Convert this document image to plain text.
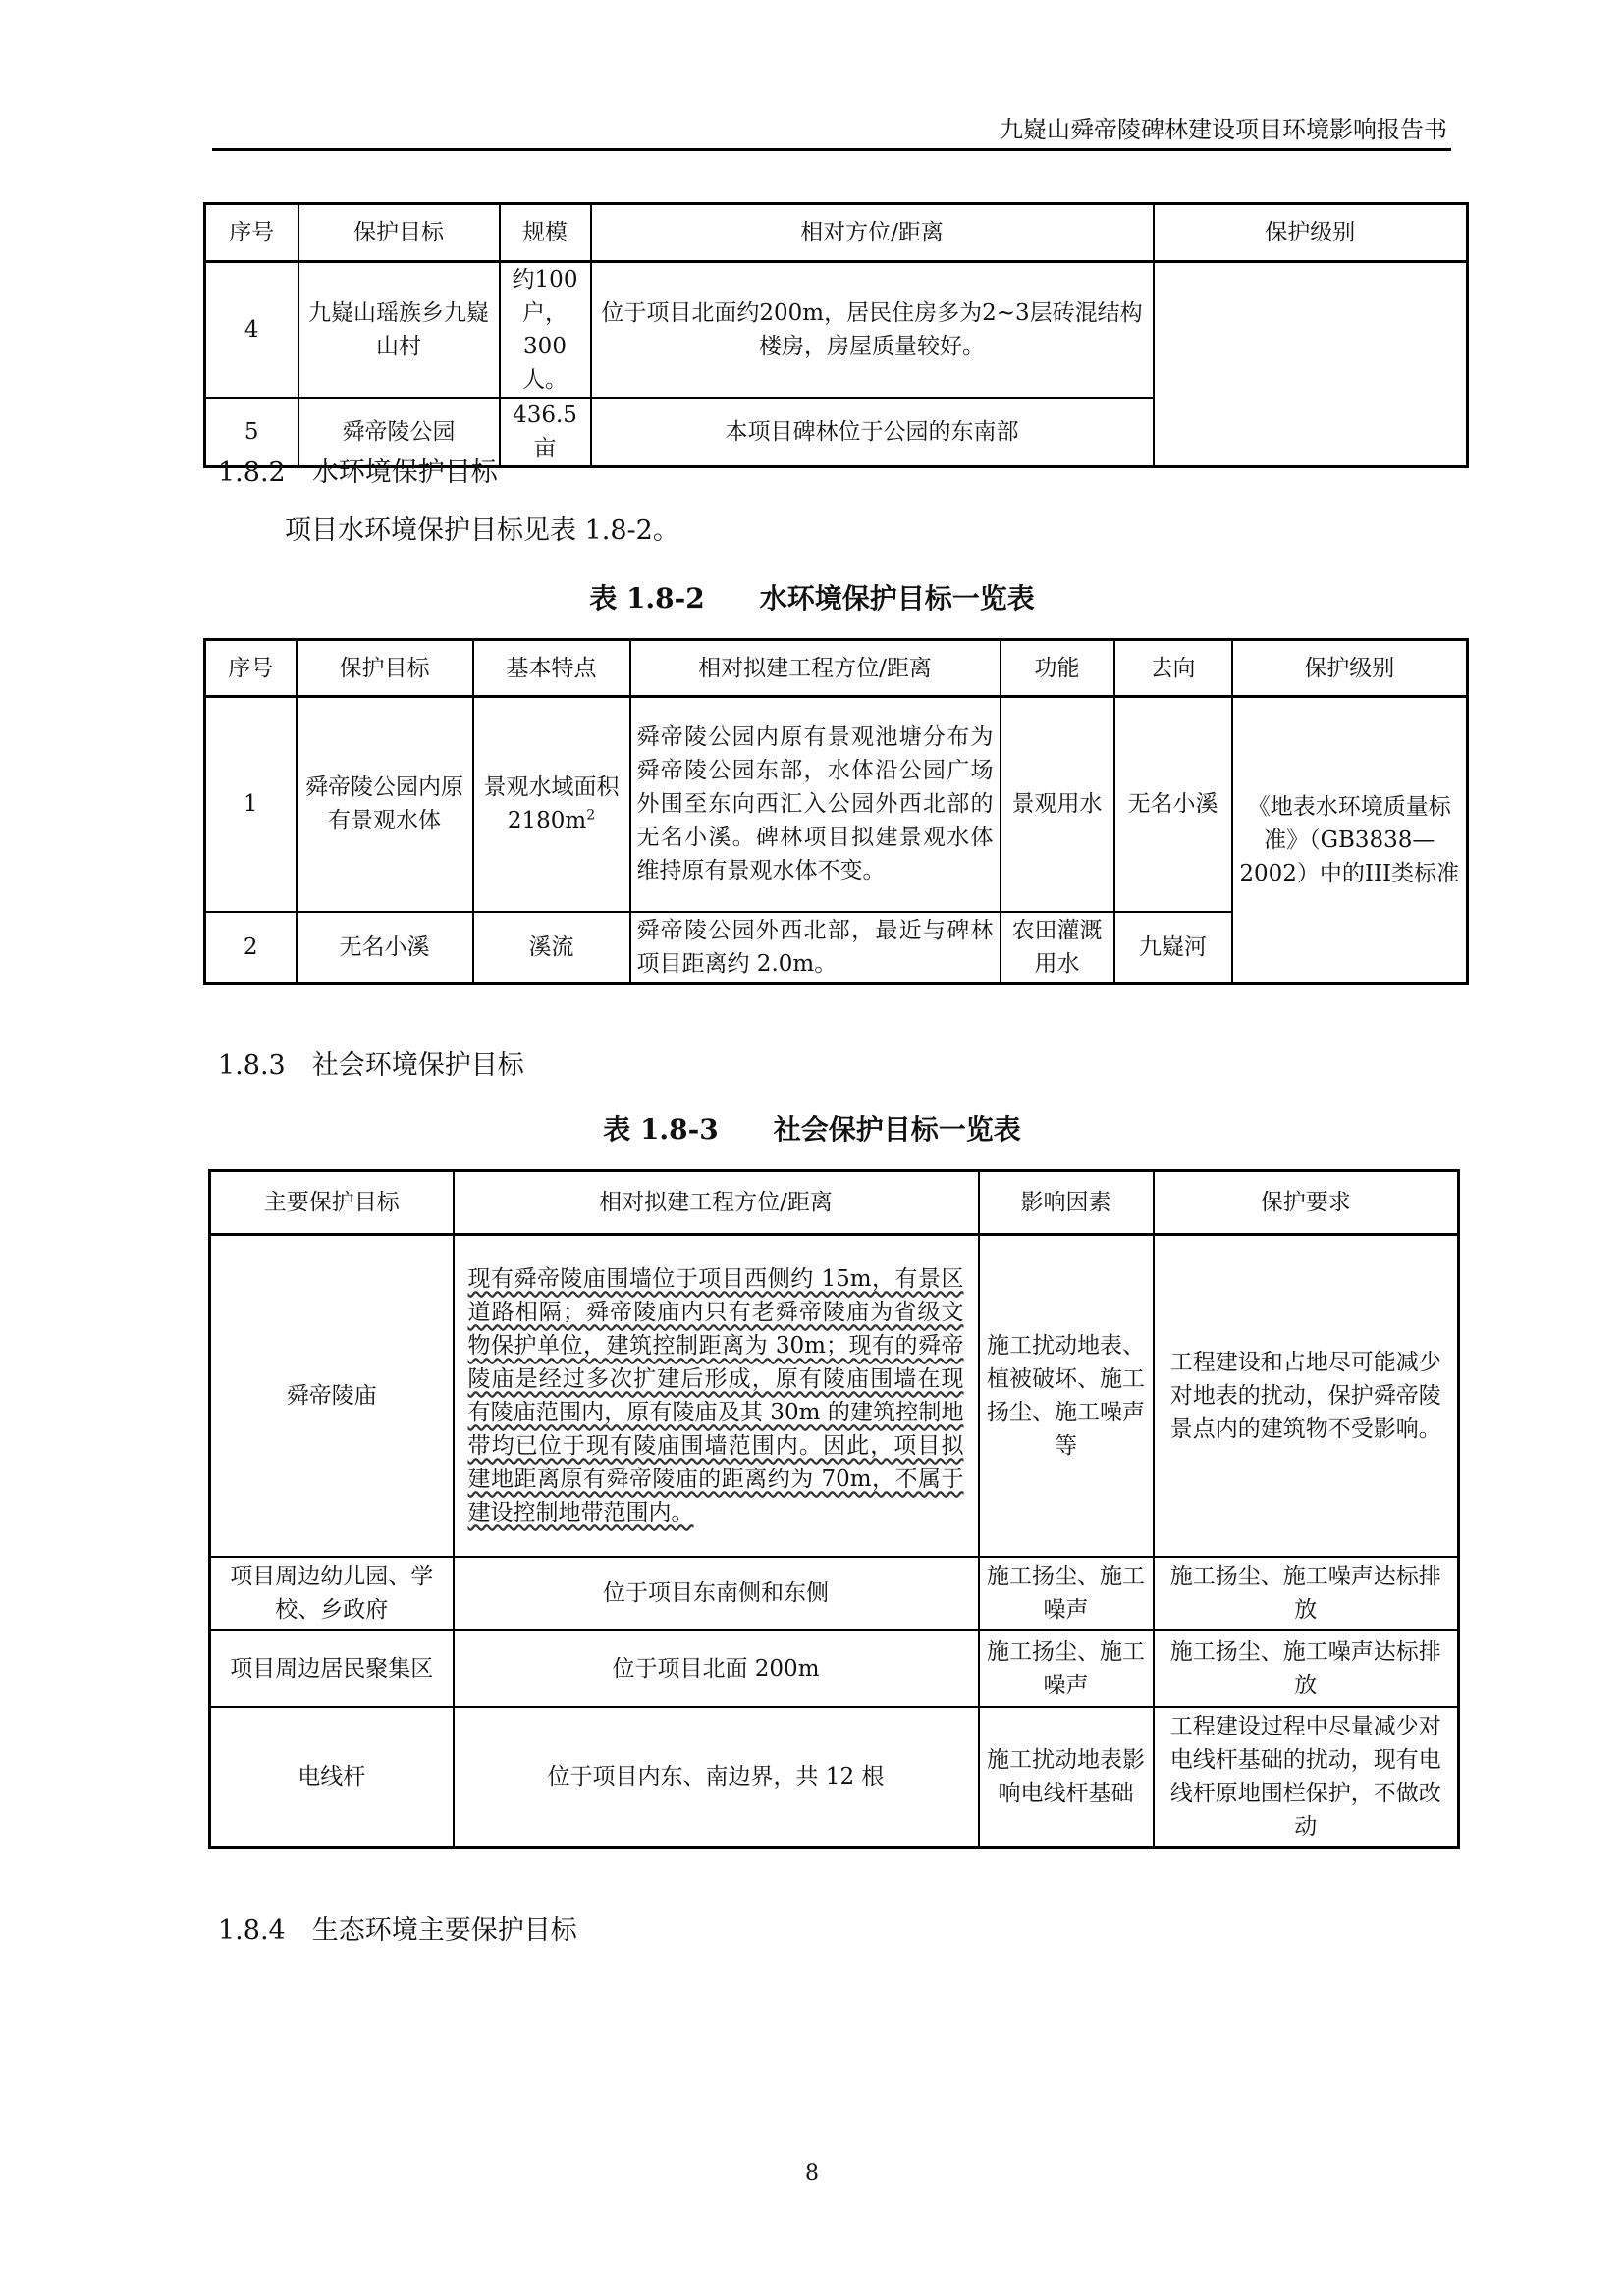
九嶷山舜帝陵碑林建设项目环境影响报告书
序号	保护目标	规模	相对方位/距离	保护级别
4	九嶷山瑶族乡九嶷山村	约100户，300人。	位于项目北面约200m，居民住房多为2~3层砖混结构楼房，房屋质量较好。	
5	舜帝陵公园	436.5亩	本项目碑林位于公园的东南部	
1.8.2　水环境保护目标
项目水环境保护目标见表 1.8-2。
表 1.8-2　　水环境保护目标一览表
序号	保护目标	基本特点	相对拟建工程方位/距离	功能	去向	保护级别
1	舜帝陵公园内原有景观水体	景观水域面积$2180m^2$	舜帝陵公园内原有景观池塘分布为舜帝陵公园东部，水体沿公园广场外围至东向西汇入公园外西北部的无名小溪。碑林项目拟建景观水体维持原有景观水体不变。	景观用水	无名小溪	《地表水环境质量标准》（GB3838—2002）中的III类标准
2	无名小溪	溪流	舜帝陵公园外西北部，最近与碑林项目距离约 2.0m。	农田灌溉用水	九嶷河	
1.8.3　社会环境保护目标
表 1.8-3　　社会保护目标一览表
主要保护目标	相对拟建工程方位/距离	影响因素	保护要求
舜帝陵庙	现有舜帝陵庙围墙位于项目西侧约 15m，有景区道路相隔；舜帝陵庙内只有老舜帝陵庙为省级文物保护单位，建筑控制距离为 30m；现有的舜帝陵庙是经过多次扩建后形成，原有陵庙围墙在现有陵庙范围内，原有陵庙及其 30m 的建筑控制地带均已位于现有陵庙围墙范围内。因此，项目拟建地距离原有舜帝陵庙的距离约为 70m，不属于建设控制地带范围内。	施工扰动地表、植被破坏、施工扬尘、施工噪声等	工程建设和占地尽可能减少对地表的扰动，保护舜帝陵景点内的建筑物不受影响。
项目周边幼儿园、学校、乡政府	位于项目东南侧和东侧	施工扬尘、施工噪声	施工扬尘、施工噪声达标排放
项目周边居民聚集区	位于项目北面 200m	施工扬尘、施工噪声	施工扬尘、施工噪声达标排放
电线杆	位于项目内东、南边界，共 12 根	施工扰动地表影响电线杆基础	工程建设过程中尽量减少对电线杆基础的扰动，现有电线杆原地围栏保护，不做改动
1.8.4　生态环境主要保护目标
8
